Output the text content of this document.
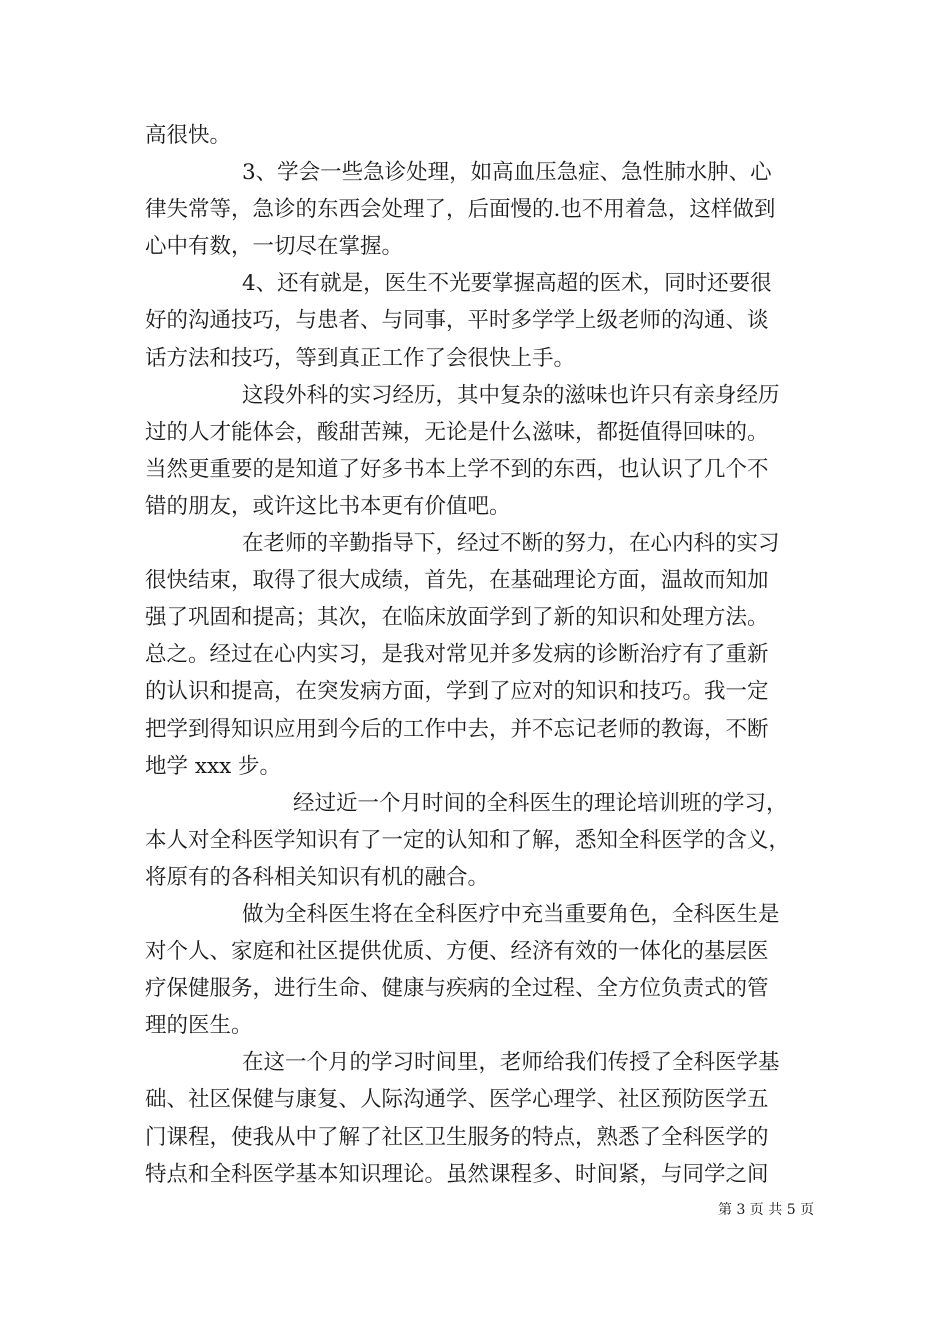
高很快。
3、学会一些急诊处理，如高血压急症、急性肺水肿、心
律失常等，急诊的东西会处理了，后面慢的.也不用着急，这样做到
心中有数，一切尽在掌握。
4、还有就是，医生不光要掌握高超的医术，同时还要很
好的沟通技巧，与患者、与同事，平时多学学上级老师的沟通、谈
话方法和技巧，等到真正工作了会很快上手。
这段外科的实习经历，其中复杂的滋味也许只有亲身经历
过的人才能体会，酸甜苦辣，无论是什么滋味，都挺值得回味的。
当然更重要的是知道了好多书本上学不到的东西，也认识了几个不
错的朋友，或许这比书本更有价值吧。
在老师的辛勤指导下，经过不断的努力，在心内科的实习
很快结束，取得了很大成绩，首先，在基础理论方面，温故而知加
强了巩固和提高；其次，在临床放面学到了新的知识和处理方法。
总之。经过在心内实习，是我对常见并多发病的诊断治疗有了重新
的认识和提高，在突发病方面，学到了应对的知识和技巧。我一定
把学到得知识应用到今后的工作中去，并不忘记老师的教诲，不断
地学 xxx 步。
经过近一个月时间的全科医生的理论培训班的学习，
本人对全科医学知识有了一定的认知和了解，悉知全科医学的含义，
将原有的各科相关知识有机的融合。
做为全科医生将在全科医疗中充当重要角色，全科医生是
对个人、家庭和社区提供优质、方便、经济有效的一体化的基层医
疗保健服务，进行生命、健康与疾病的全过程、全方位负责式的管
理的医生。
在这一个月的学习时间里，老师给我们传授了全科医学基
础、社区保健与康复、人际沟通学、医学心理学、社区预防医学五
门课程，使我从中了解了社区卫生服务的特点，熟悉了全科医学的
特点和全科医学基本知识理论。虽然课程多、时间紧，与同学之间
第 3 页 共 5 页
